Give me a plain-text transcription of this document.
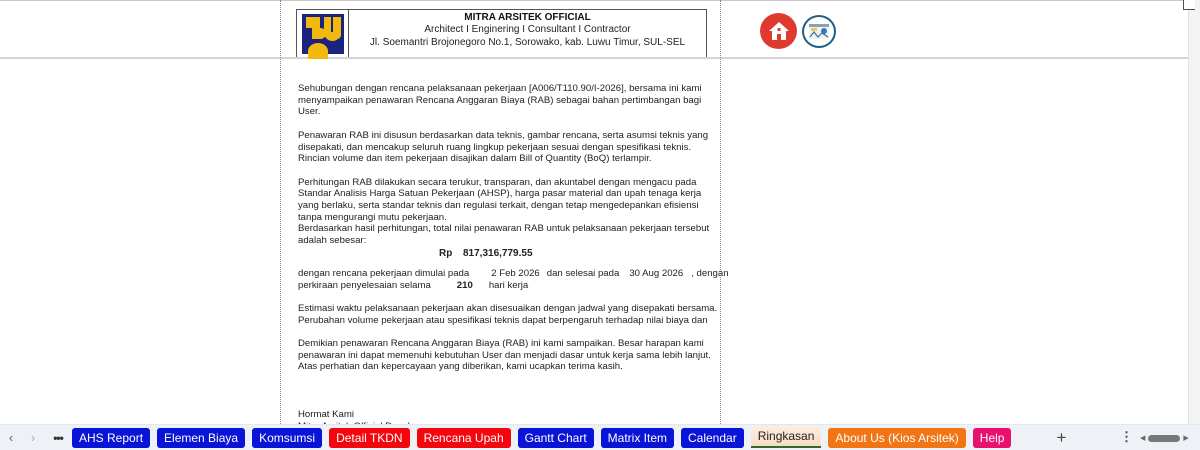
MITRA ARSITEK OFFICIAL
Architect I Enginering I Consultant I Contractor
Jl. Soemantri Brojonegoro No.1, Sorowako, kab. Luwu Timur, SUL-SEL
Sehubungan dengan rencana pelaksanaan pekerjaan [A006/T110.90/I-2026], bersama ini kami menyampaikan penawaran Rencana Anggaran Biaya (RAB) sebagai bahan pertimbangan bagi User.
Penawaran RAB ini disusun berdasarkan data teknis, gambar rencana, serta asumsi teknis yang disepakati, dan mencakup seluruh ruang lingkup pekerjaan sesuai dengan spesifikasi teknis. Rincian volume dan item pekerjaan disajikan dalam Bill of Quantity (BoQ) terlampir.
Perhitungan RAB dilakukan secara terukur, transparan, dan akuntabel dengan mengacu pada Standar Analisis Harga Satuan Pekerjaan (AHSP), harga pasar material dan upah tenaga kerja yang berlaku, serta standar teknis dan regulasi terkait, dengan tetap mengedepankan efisiensi tanpa mengurangi mutu pekerjaan.
Berdasarkan hasil perhitungan, total nilai penawaran RAB untuk pelaksanaan pekerjaan tersebut adalah sebesar:
Rp 817,316,779.55
dengan rencana pekerjaan dimulai pada 2 Feb 2026 dan selesai pada 30 Aug 2026 , dengan
perkiraan penyelesaian selama	210 hari kerja
Estimasi waktu pelaksanaan pekerjaan akan disesuaikan dengan jadwal yang disepakati bersama. Perubahan volume pekerjaan atau spesifikasi teknis dapat berpengaruh terhadap nilai biaya dan
Demikian penawaran Rencana Anggaran Biaya (RAB) ini kami sampaikan. Besar harapan kami penawaran ini dapat memenuhi kebutuhan User dan menjadi dasar untuk kerja sama lebih lanjut. Atas perhatian dan kepercayaan yang diberikan, kami ucapkan terima kasih.
Hormat Kami
‹	›	•••	AHS Report	Elemen Biaya	Komsumsi	Detail TKDN	Rencana Upah	Gantt Chart	Matrix Item	Calendar	Ringkasan	About Us (Kios Arsitek)	Help	+	⋮ ◀	▶
